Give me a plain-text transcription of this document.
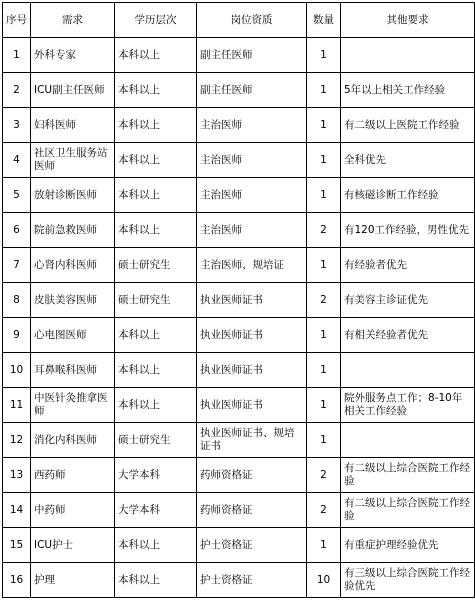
序号	需求	学历层次	岗位资质	数量	其他要求
1	外科专家	本科以上	副主任医师	1	
2	ICU副主任医师	本科以上	副主任医师	1	5年以上相关工作经验
3	妇科医师	本科以上	主治医师	1	有二级以上医院工作经验
4	社区卫生服务站医师	本科以上	主治医师	1	全科优先
5	放射诊断医师	本科以上	主治医师	1	有核磁诊断工作经验
6	院前急救医师	本科以上	主治医师	2	有120工作经验，男性优先
7	心肾内科医师	硕士研究生	主治医师、规培证	1	有经验者优先
8	皮肤美容医师	硕士研究生	执业医师证书	2	有美容主诊证优先
9	心电图医师	本科以上	执业医师证书	1	有相关经验者优先
10	耳鼻喉科医师	本科以上	执业医师证书	1	
11	中医针灸推拿医师	本科以上	执业医师证书	1	院外服务点工作；8-10年相关工作经验
12	消化内科医师	硕士研究生	执业医师证书、规培证书	1	
13	西药师	大学本科	药师资格证	2	有二级以上综合医院工作经验
14	中药师	大学本科	药师资格证	2	有二级以上综合医院工作经验
15	ICU护士	本科以上	护士资格证	1	有重症护理经验优先
16	护理	本科以上	护士资格证	10	有三级以上综合医院工作经验优先
